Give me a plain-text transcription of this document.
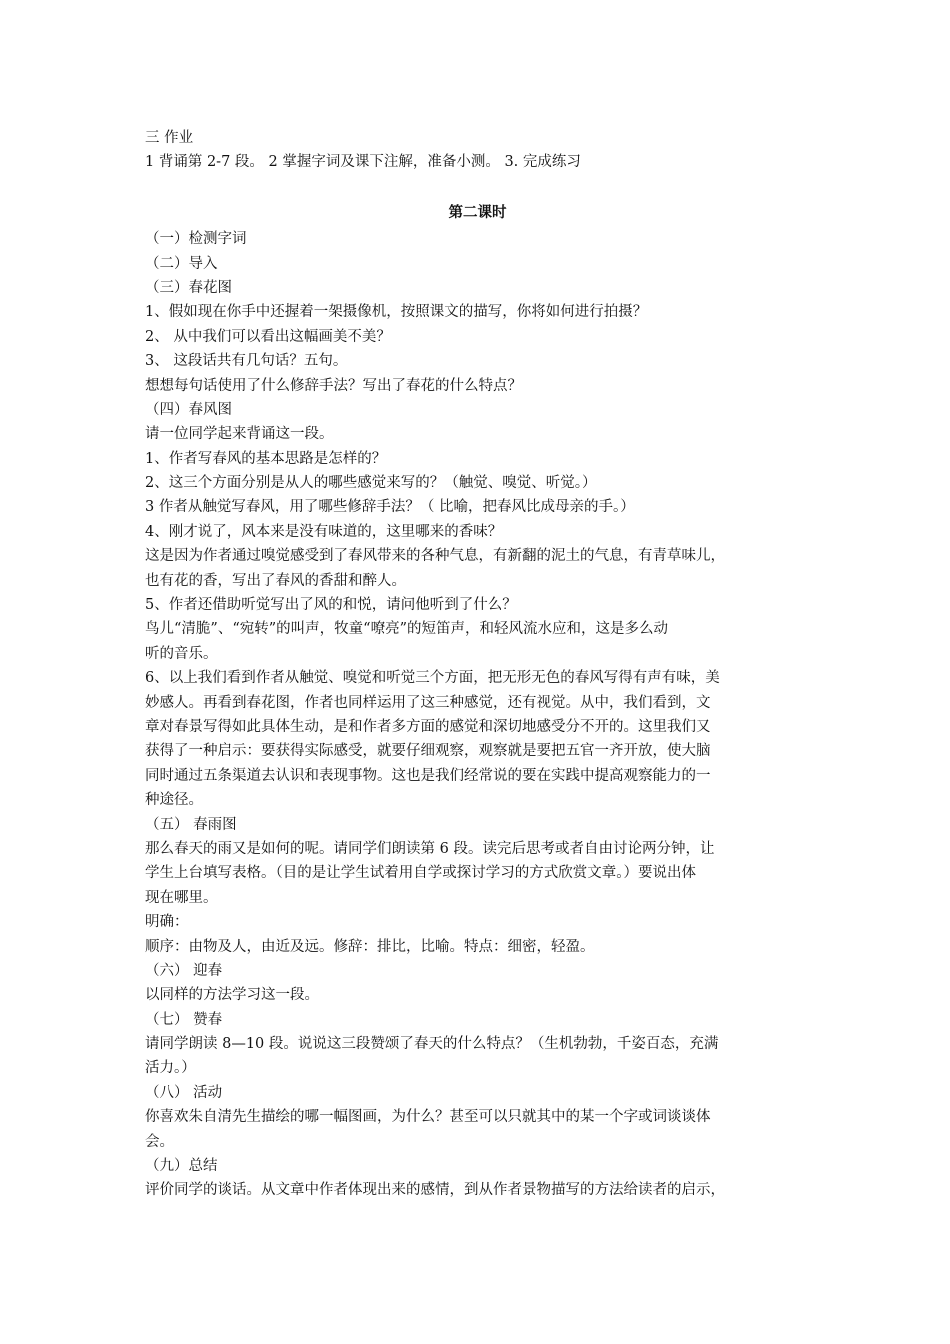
三 作业
1 背诵第 2-7 段。 2 掌握字词及课下注解，准备小测。 3. 完成练习
第二课时
（一）检测字词
（二）导入
（三）春花图
1、假如现在你手中还握着一架摄像机，按照课文的描写，你将如何进行拍摄？
2、 从中我们可以看出这幅画美不美？
3、 这段话共有几句话？五句。
想想每句话使用了什么修辞手法？写出了春花的什么特点？
（四）春风图
请一位同学起来背诵这一段。
1、作者写春风的基本思路是怎样的？
2、这三个方面分别是从人的哪些感觉来写的？（触觉、嗅觉、听觉。）
3 作者从触觉写春风，用了哪些修辞手法？（ 比喻，把春风比成母亲的手。）
4、刚才说了，风本来是没有味道的，这里哪来的香味？
这是因为作者通过嗅觉感受到了春风带来的各种气息，有新翻的泥土的气息，有青草味儿，
也有花的香，写出了春风的香甜和醉人。
5、作者还借助听觉写出了风的和悦，请问他听到了什么？
鸟儿“清脆”、“宛转”的叫声，牧童“嘹亮”的短笛声，和轻风流水应和，这是多么动
听的音乐。
6、以上我们看到作者从触觉、嗅觉和听觉三个方面，把无形无色的春风写得有声有味，美
妙感人。再看到春花图，作者也同样运用了这三种感觉，还有视觉。从中，我们看到，文
章对春景写得如此具体生动，是和作者多方面的感觉和深切地感受分不开的。这里我们又
获得了一种启示：要获得实际感受，就要仔细观察，观察就是要把五官一齐开放，使大脑
同时通过五条渠道去认识和表现事物。这也是我们经常说的要在实践中提高观察能力的一
种途径。
（五） 春雨图
那么春天的雨又是如何的呢。请同学们朗读第 6 段。读完后思考或者自由讨论两分钟，让
学生上台填写表格。（目的是让学生试着用自学或探讨学习的方式欣赏文章。）要说出体
现在哪里。
明确：
顺序：由物及人，由近及远。修辞：排比，比喻。特点：细密，轻盈。
（六） 迎春
以同样的方法学习这一段。
（七） 赞春
请同学朗读 8—10 段。说说这三段赞颂了春天的什么特点？（生机勃勃，千姿百态，充满
活力。）
（八） 活动
你喜欢朱自清先生描绘的哪一幅图画，为什么？甚至可以只就其中的某一个字或词谈谈体
会。
（九）总结
评价同学的谈话。从文章中作者体现出来的感情，到从作者景物描写的方法给读者的启示，
